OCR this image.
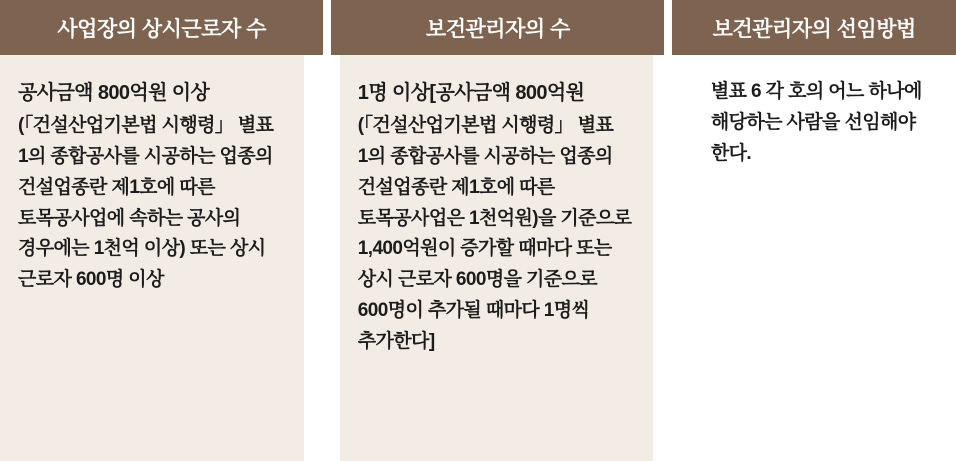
사업장의 상시근로자 수	보건관리자의 수	보건관리자의 선임방법
공사금액 800억원 이상
(「건설산업기본법 시행령」 별표 1의 종합공사를 시공하는 업종의 건설업종란 제1호에 따른 토목공사업에 속하는 공사의 경우에는 1천억 이상) 또는 상시 근로자 600명 이상
1명 이상[공사금액 800억원
(「건설산업기본법 시행령」 별표 1의 종합공사를 시공하는 업종의 건설업종란 제1호에 따른 토목공사업은 1천억원)을 기준으로 1,400억원이 증가할 때마다 또는 상시 근로자 600명을 기준으로 600명이 추가될 때마다 1명씩 추가한다]
별표 6 각 호의 어느 하나에 해당하는 사람을 선임해야 한다.
